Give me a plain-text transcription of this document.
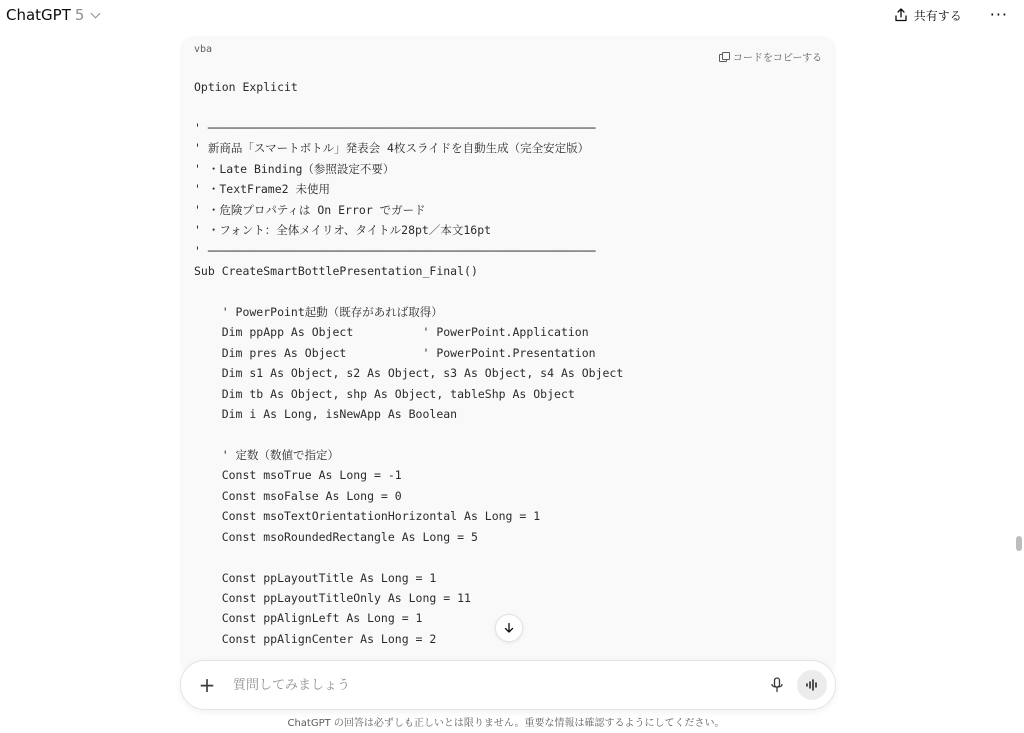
ChatGPT 5	共有する ···
vba
コードをコピーする
Option Explicit
' ────────────────────────────────────────────────────────
' 新商品「スマートボトル」発表会 4枚スライドを自動生成（完全安定版）
' ・Late Binding（参照設定不要）
' ・TextFrame2 未使用
' ・危険プロパティは On Error でガード
' ・フォント：全体メイリオ、タイトル28pt／本文16pt
' ────────────────────────────────────────────────────────
Sub CreateSmartBottlePresentation_Final()
' PowerPoint起動（既存があれば取得）
Dim ppApp As Object          ' PowerPoint.Application
Dim pres As Object           ' PowerPoint.Presentation
Dim s1 As Object, s2 As Object, s3 As Object, s4 As Object
Dim tb As Object, shp As Object, tableShp As Object
Dim i As Long, isNewApp As Boolean
' 定数（数値で指定）
Const msoTrue As Long = -1
Const msoFalse As Long = 0
Const msoTextOrientationHorizontal As Long = 1
Const msoRoundedRectangle As Long = 5
Const ppLayoutTitle As Long = 1
Const ppLayoutTitleOnly As Long = 11
Const ppAlignLeft As Long = 1
Const ppAlignCenter As Long = 2
+
質問してみましょう
ChatGPT の回答は必ずしも正しいとは限りません。重要な情報は確認するようにしてください。
